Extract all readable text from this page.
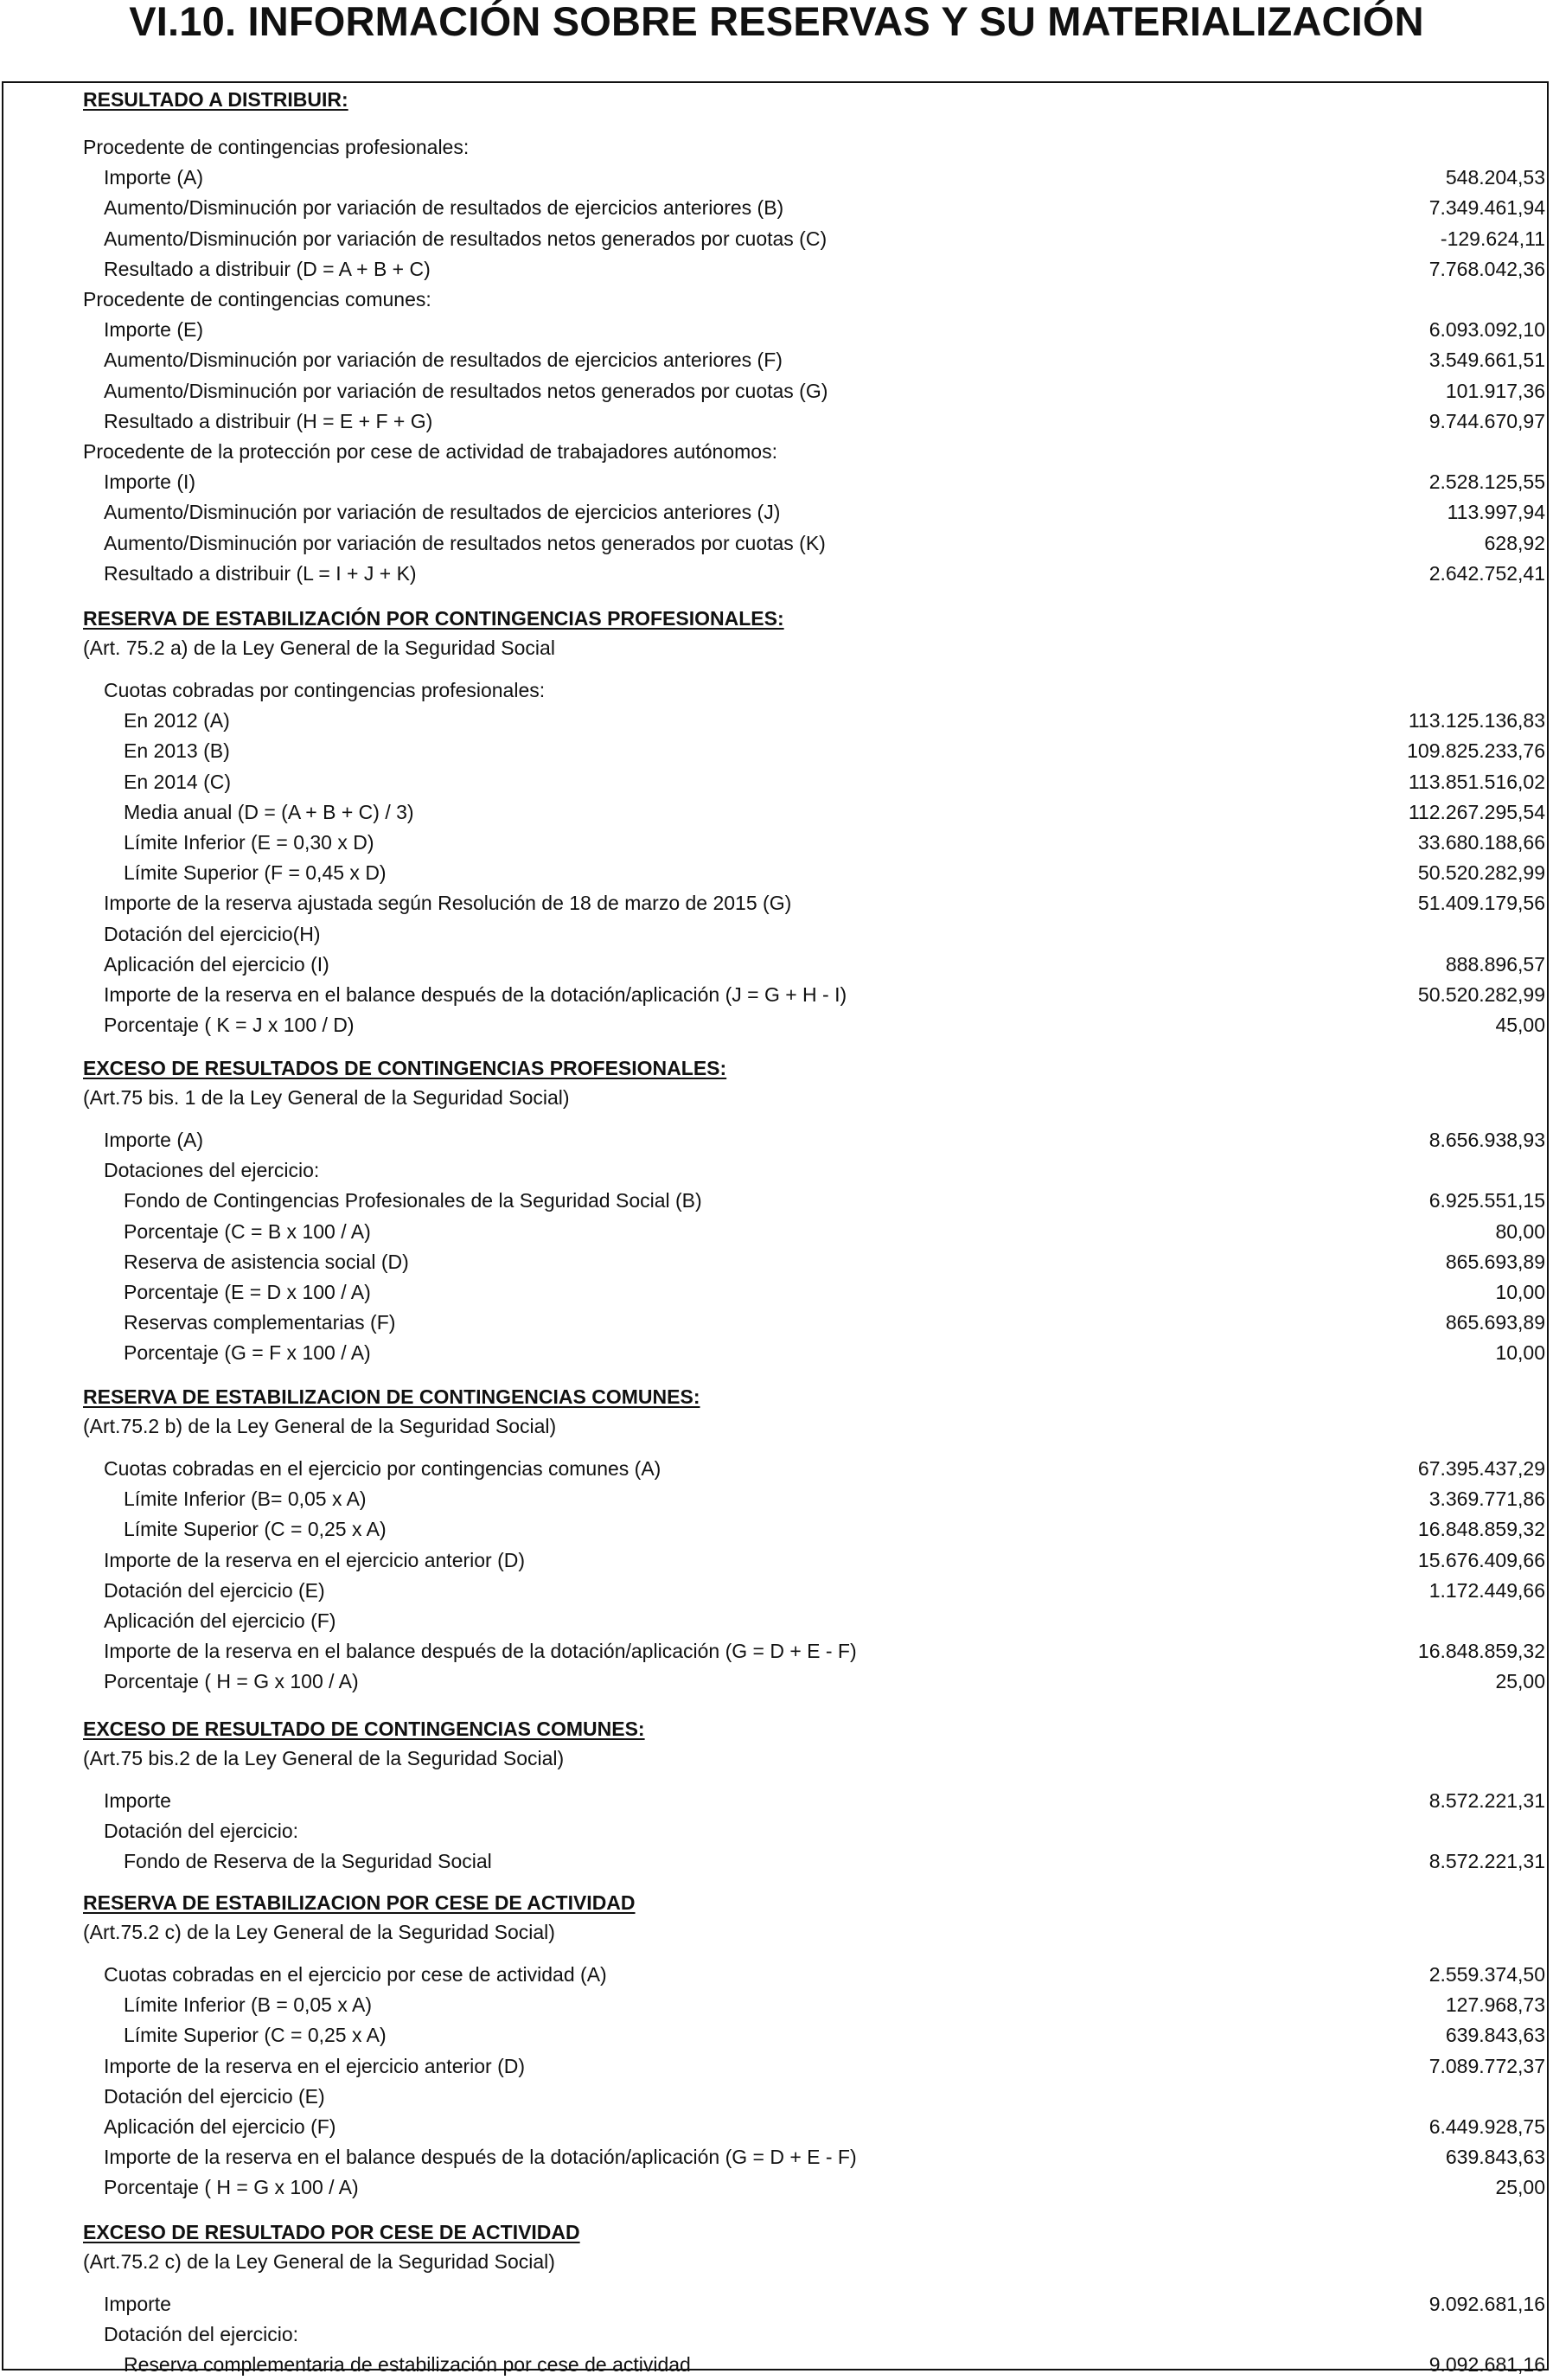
VI.10. INFORMACIÓN SOBRE RESERVAS Y SU MATERIALIZACIÓN
RESULTADO A DISTRIBUIR:
Procedente de contingencias profesionales:
Importe (A)	548.204,53
Aumento/Disminución por variación de resultados de ejercicios anteriores (B)	7.349.461,94
Aumento/Disminución por variación de resultados netos generados por cuotas (C)	-129.624,11
Resultado a distribuir (D = A + B + C)	7.768.042,36
Procedente de contingencias comunes:
Importe (E)	6.093.092,10
Aumento/Disminución por variación de resultados de ejercicios anteriores (F)	3.549.661,51
Aumento/Disminución por variación de resultados netos generados por cuotas (G)	101.917,36
Resultado a distribuir (H = E + F + G)	9.744.670,97
Procedente de la protección por cese de actividad de trabajadores autónomos:
Importe (I)	2.528.125,55
Aumento/Disminución por variación de resultados de ejercicios anteriores (J)	113.997,94
Aumento/Disminución por variación de resultados netos generados por cuotas (K)	628,92
Resultado a distribuir (L = I + J + K)	2.642.752,41
RESERVA DE ESTABILIZACIÓN POR CONTINGENCIAS PROFESIONALES:
(Art. 75.2 a) de la Ley General de la Seguridad Social
Cuotas cobradas por contingencias profesionales:
En 2012 (A)	113.125.136,83
En 2013 (B)	109.825.233,76
En 2014 (C)	113.851.516,02
Media anual (D = (A + B + C) / 3)	112.267.295,54
Límite Inferior (E = 0,30 x D)	33.680.188,66
Límite Superior (F = 0,45 x D)	50.520.282,99
Importe de la reserva ajustada según Resolución de 18 de marzo de 2015 (G)	51.409.179,56
Dotación del ejercicio(H)
Aplicación del ejercicio (I)	888.896,57
Importe de la reserva en el balance después de la dotación/aplicación (J = G + H - I)	50.520.282,99
Porcentaje ( K = J x 100 / D)	45,00
EXCESO DE RESULTADOS DE CONTINGENCIAS PROFESIONALES:
(Art.75 bis. 1 de la Ley General de la Seguridad Social)
Importe (A)	8.656.938,93
Dotaciones del ejercicio:
Fondo de Contingencias Profesionales de la Seguridad Social (B)	6.925.551,15
Porcentaje (C = B x 100 / A)	80,00
Reserva de asistencia social (D)	865.693,89
Porcentaje (E = D x 100 / A)	10,00
Reservas complementarias (F)	865.693,89
Porcentaje (G = F x 100 / A)	10,00
RESERVA DE ESTABILIZACION DE CONTINGENCIAS COMUNES:
(Art.75.2 b) de la Ley General de la Seguridad Social)
Cuotas cobradas en el ejercicio por contingencias comunes (A)	67.395.437,29
Límite Inferior (B= 0,05 x A)	3.369.771,86
Límite Superior (C = 0,25 x A)	16.848.859,32
Importe de la reserva en el ejercicio anterior (D)	15.676.409,66
Dotación del ejercicio (E)	1.172.449,66
Aplicación del ejercicio (F)
Importe de la reserva en el balance después de la dotación/aplicación (G = D + E - F)	16.848.859,32
Porcentaje ( H = G x 100 / A)	25,00
EXCESO DE RESULTADO DE CONTINGENCIAS COMUNES:
(Art.75 bis.2 de la Ley General de la Seguridad Social)
Importe	8.572.221,31
Dotación del ejercicio:
Fondo de Reserva de la Seguridad Social	8.572.221,31
RESERVA DE ESTABILIZACION POR CESE DE ACTIVIDAD
(Art.75.2 c) de la Ley General de la Seguridad Social)
Cuotas cobradas en el ejercicio por cese de actividad (A)	2.559.374,50
Límite Inferior (B = 0,05 x A)	127.968,73
Límite Superior (C = 0,25 x A)	639.843,63
Importe de la reserva en el ejercicio anterior (D)	7.089.772,37
Dotación del ejercicio (E)
Aplicación del ejercicio (F)	6.449.928,75
Importe de la reserva en el balance después de la dotación/aplicación (G = D + E - F)	639.843,63
Porcentaje ( H = G x 100 / A)	25,00
EXCESO DE RESULTADO POR CESE DE ACTIVIDAD
(Art.75.2 c) de la Ley General de la Seguridad Social)
Importe	9.092.681,16
Dotación del ejercicio:
Reserva complementaria de estabilización por cese de actividad	9.092.681,16
